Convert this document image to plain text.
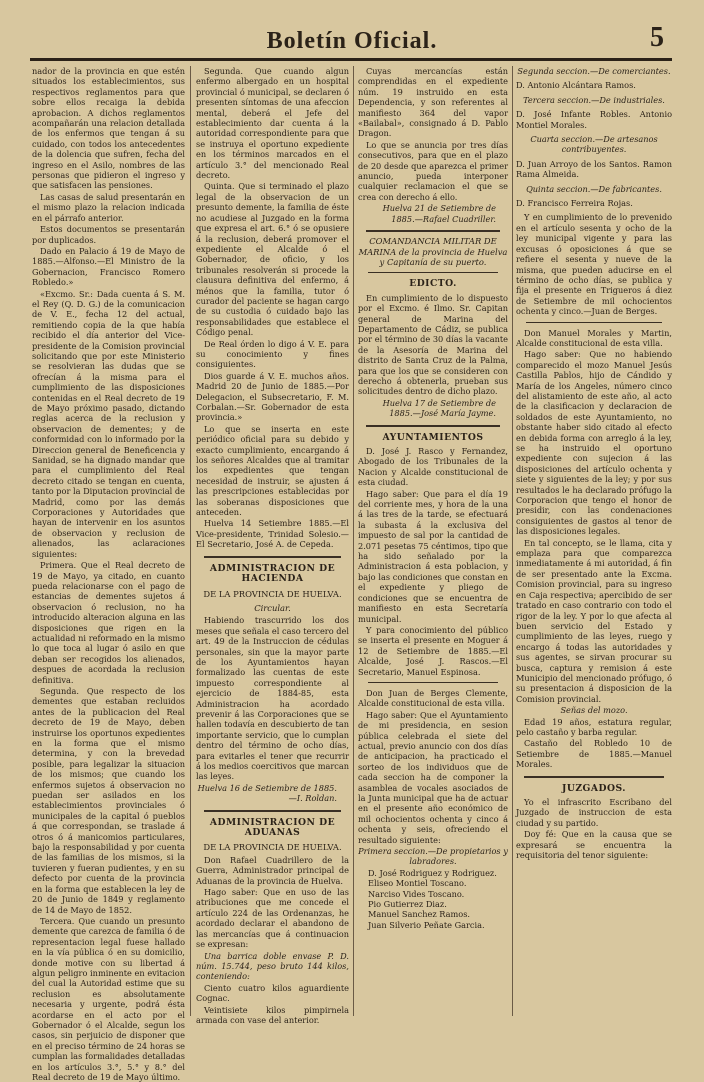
Boletín Oficial.	5

nador de la provincia en que estén situados los establecimientos, sus respectivos reglamentos para que sobre ellos recaiga la debida aprobacion. A dichos reglamentos acompañarán una relacion detallada de los enfermos que tengan á su cuidado, con todos los antecedentes de la dolencia que sufren, fecha del ingreso en el Asilo, nombres de las personas que pidieron el ingreso y que satisfacen las pensiones.

Las casas de salud presentarán en el mismo plazo la relacion indicada en el párrafo anterior.

Estos documentos se presentarán por duplicados.

Dado en Palacio á 19 de Mayo de 1885.—Alfonso.—El Ministro de la Gobernacion, Francisco Romero Robledo.»

«Excmo. Sr.: Dada cuenta á S. M. el Rey (Q. D. G.) de la comunicacion de V. E., fecha 12 del actual, remitiendo copia de la que había recibido el día anterior del Vice-presidente de la Comision provincial solicitando que por este Ministerio se resolvieran las dudas que se ofrecían á la misma para el cumplimiento de las disposiciones contenidas en el Real decreto de 19 de Mayo próximo pasado, dictando reglas acerca de la reclusion y observacion de dementes; y de conformidad con lo informado por la Direccion general de Beneficencia y Sanidad, se ha dignado mandar que para el cumplimiento del Real decreto citado se tengan en cuenta, tanto por la Diputacion provincial de Madrid, como por las demás Corporaciones y Autoridades que hayan de intervenir en los asuntos de observacion y reclusion de alienados, las aclaraciones siguientes:

Primera. Que el Real decreto de 19 de Mayo, ya citado, en cuanto pueda relacionarse con el pago de estancias de dementes sujetos á observacion ó reclusion, no ha introducido alteracion alguna en las disposiciones que rigen en la actualidad ni reformado en la mismo lo que toca al lugar ó asilo en que deban ser recogidos los alienados, despues de acordada la reclusion definitiva.

Segunda. Que respecto de los dementes que estaban recluidos antes de la publicacion del Real decreto de 19 de Mayo, deben instruirse los oportunos expedientes en la forma que el mismo determina, y con la brevedad posible, para legalizar la situacion de los mismos; que cuando los enfermos sujetos á observacion no puedan ser asilados en los establecimientos provinciales ó municipales de la capital ó pueblos á que correspondan, se traslade á otros ó á manicomios particulares, bajo la responsabilidad y por cuenta de las familias de los mismos, si la tuvieren y fueran pudientes, y en su defecto por cuenta de la provincia en la forma que establecen la ley de 20 de Junio de 1849 y reglamento de 14 de Mayo de 1852.

Tercera. Que cuando un presunto demente que carezca de familia ó de representacion legal fuese hallado en la vía pública ó en su domicilio, donde motive con su libertad á algun peligro inminente en evitacion del cual la Autoridad estime que su reclusion es absolutamente necesaria y urgente, podrá ésta acordarse en el acto por el Gobernador ó el Alcalde, segun los casos, sin perjuicio de disponer que en el preciso término de 24 horas se cumplan las formalidades detalladas en los artículos 3.°, 5.° y 8.° del Real decreto de 19 de Mayo último.

Segunda. Que cuando algun enfermo albergado en un hospital provincial ó municipal, se declaren ó presenten síntomas de una afeccion mental, deberá el Jefe del establecimiento dar cuenta á la autoridad correspondiente para que se instruya el oportuno expediente en los términos marcados en el artículo 3.° del mencionado Real decreto.

Quinta. Que si terminado el plazo legal de la observacion de un presunto demente, la familia de éste no acudiese al Juzgado en la forma que expresa el art. 6.° ó se opusiere á la reclusion, deberá promover el expediente el Alcalde ó el Gobernador, de oficio, y los tribunales resolverán si procede la clausura definitiva del enfermo, á ménos que la familia, tutor ó curador del paciente se hagan cargo de su custodia ó cuidado bajo las responsabilidades que establece el Código penal.

De Real órden lo digo á V. E. para su conocimiento y fines consiguientes.

Dios guarde á V. E. muchos años. Madrid 20 de Junio de 1885.—Por Delegacion, el Subsecretario, F. M. Corbalan.—Sr. Gobernador de esta provincia.»

Lo que se inserta en este periódico oficial para su debido y exacto cumplimiento, encargando á los señores Alcaldes que al tramitar los expedientes que tengan necesidad de instruir, se ajusten á las prescripciones establecidas por las soberanas disposiciones que anteceden.

Huelva 14 Setiembre 1885.—El Vice-presidente, Trinidad Solesio.—El Secretario, José A. de Cepeda.

ADMINISTRACION DE HACIENDA
DE LA PROVINCIA DE HUELVA.
Circular.

Habiendo trascurrido los dos meses que señala el caso tercero del art. 49 de la Instruccion de cédulas personales, sin que la mayor parte de los Ayuntamientos hayan formalizado las cuentas de este impuesto correspondiente al ejercicio de 1884-85, esta Administracion ha acordado prevenir á las Corporaciones que se hallen todavía en descubierto de tan importante servicio, que lo cumplan dentro del término de ocho días, para evitarles el tener que recurrir á los medios coercitivos que marcan las leyes.

Huelva 16 de Setiembre de 1885.—I. Roldan.

ADMINISTRACION DE ADUANAS
DE LA PROVINCIA DE HUELVA.

Don Rafael Cuadrillero de la Guerra, Administrador principal de Aduanas de la provincia de Huelva.

Hago saber: Que en uso de las atribuciones que me concede el artículo 224 de las Ordenanzas, he acordado declarar el abandono de las mercancías que á continuacion se expresan:

Una barrica doble envase P. D. núm. 15.744, peso bruto 144 kilos, conteniendo:

Ciento cuatro kilos aguardiente Cognac.

Veintisiete kilos pimpirnela armada con vase del anterior.

Cuyas mercancías están comprendidas en el expediente núm. 19 instruido en esta Dependencia, y son referentes al manifiesto 364 del vapor «Bailabal», consignado á D. Pablo Dragon.

Lo que se anuncia por tres días consecutivos, para que en el plazo de 20 desde que aparezca el primer anuncio, pueda interponer cualquier reclamacion el que se crea con derecho á ello.

Huelva 21 de Setiembre de 1885.—Rafael Cuadriller.

COMANDANCIA MILITAR DE MARINA de la provincia de Huelva y Capitanía de su puerto.
EDICTO.

En cumplimiento de lo dispuesto por el Excmo. é Ilmo. Sr. Capitan general de Marina del Departamento de Cádiz, se publica por el término de 30 días la vacante de la Asesoría de Marina del distrito de Santa Cruz de la Palma, para que los que se consideren con derecho á obtenerla, prueban sus solicitudes dentro de dicho plazo.

Huelva 17 de Setiembre de 1885.—José María Jayme.

AYUNTAMIENTOS

D. José J. Rasco y Fernandez, Abogado de los Tribunales de la Nacion y Alcalde constitucional de esta ciudad.

Hago saber: Que para el día 19 del corriente mes, y hora de la una á las tres de la tarde, se efectuará la subasta á la exclusiva del impuesto de sal por la cantidad de 2.071 pesetas 75 céntimos, tipo que ha sido señalado por la Administracion á esta poblacion, y bajo las condiciones que constan en el expediente y pliego de condiciones que se encuentra de manifiesto en esta Secretaría municipal.

Y para conocimiento del público se inserta el presente en Moguer á 12 de Setiembre de 1885.—El Alcalde, José J. Rascos.—El Secretario, Manuel Espinosa.

Don Juan de Berges Clemente, Alcalde constitucional de esta villa.

Hago saber: Que el Ayuntamiento de mi presidencia, en sesion pública celebrada el siete del actual, previo anuncio con dos días de anticipacion, ha practicado el sorteo de los individuos que de cada seccion ha de componer la asamblea de vocales asociados de la Junta municipal que ha de actuar en el presente año económico de mil ochocientos ochenta y cinco á ochenta y seis, ofreciendo el resultado siguiente:

Primera seccion.—De propietarios y labradores.

D. José Rodriguez y Rodriguez.
Eliseo Montiel Toscano.
Narciso Vides Toscano.
Pio Gutierrez Diaz.
Manuel Sanchez Ramos.
Juan Silverio Peñate Garcia.

Segunda seccion.—De comerciantes.

D. Antonio Alcántara Ramos.

Tercera seccion.—De industriales.

D. José Infante Robles. Antonio Montiel Morales.

Cuarta seccion.—De artesanos contribuyentes.

D. Juan Arroyo de los Santos. Ramon Rama Almeida.

Quinta seccion.—De fabricantes.

D. Francisco Ferreira Rojas.

Y en cumplimiento de lo prevenido en el artículo sesenta y ocho de la ley municipal vigente y para las excusas ó oposiciones á que se refiere el sesenta y nueve de la misma, que pueden aducirse en el término de ocho días, se publica y fija el presente en Trigueros á diez de Setiembre de mil ochocientos ochenta y cinco.—Juan de Berges.

Don Manuel Morales y Martin, Alcalde constitucional de esta villa.

Hago saber: Que no habiendo comparecido el mozo Manuel Jesús Castilla Pablos, hijo de Cándido y María de los Angeles, número cinco del alistamiento de este año, al acto de la clasificacion y declaracion de soldados de este Ayuntamiento, no obstante haber sido citado al efecto en debida forma con arreglo á la ley, se ha instruido el oportuno expediente con sujecion á las disposiciones del artículo ochenta y siete y siguientes de la ley; y por sus resultados le ha declarado prófugo la Corporacion que tengo el honor de presidir, con las condenaciones consiguientes de gastos al tenor de las disposiciones legales.

En tal concepto, se le llama, cita y emplaza para que comparezca inmediatamente á mi autoridad, á fin de ser presentado ante la Excma. Comision provincial, para su ingreso en Caja respectiva; apercibido de ser tratado en caso contrario con todo el rigor de la ley. Y por lo que afecta al buen servicio del Estado y cumplimiento de las leyes, ruego y encargo á todas las autoridades y sus agentes, se sirvan procurar su busca, captura y remision á este Municipio del mencionado prófugo, ó su presentacion á disposicion de la Comision provincial.

Señas del mozo.

Edad 19 años, estatura regular, pelo castaño y barba regular.

Castaño del Robledo 10 de Setiembre de 1885.—Manuel Morales.

JUZGADOS.

Yo el infrascrito Escribano del Juzgado de instruccion de esta ciudad y su partido.

Doy fé: Que en la causa que se expresará se encuentra la requisitoria del tenor siguiente:
